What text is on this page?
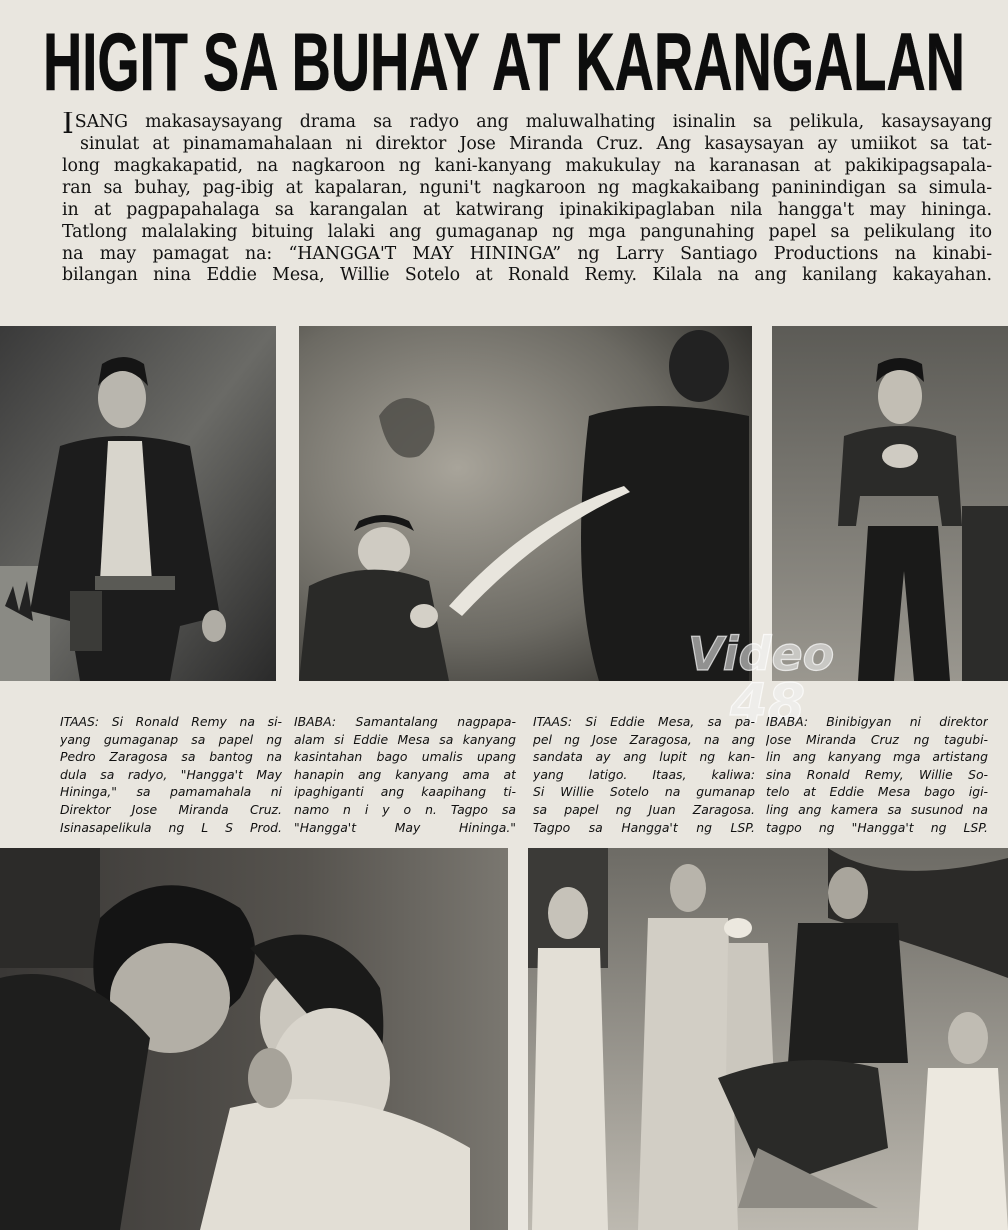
HIGIT SA BUHAY AT KARANGALAN
ISANG makasaysayang drama sa radyo ang maluwalhating isinalin sa pelikula, kasaysayang
sinulat at pinamamahalaan ni direktor Jose Miranda Cruz. Ang kasaysayan ay umiikot sa tat-
long magkakapatid, na nagkaroon ng kani-kanyang makukulay na karanasan at pakikipagsapala-
ran sa buhay, pag-ibig at kapalaran, nguni't nagkaroon ng magkakaibang paninindigan sa simula-
in at pagpapahalaga sa karangalan at katwirang ipinakikipaglaban nila hangga't may hininga.
Tatlong malalaking bituing lalaki ang gumaganap ng mga pangunahing papel sa pelikulang ito
na may pamagat na: “HANGGA'T MAY HININGA” ng Larry Santiago Productions na kinabi-
bilangan nina Eddie Mesa, Willie Sotelo at Ronald Remy. Kilala na ang kanilang kakayahan.
Video
48
ITAAS: Si Ronald Remy na si-
yang gumaganap sa papel ng
Pedro Zaragosa sa bantog na
dula sa radyo, "Hangga't May
Hininga," sa pamamahala ni
Direktor Jose Miranda Cruz.
Isinasapelikula ng L S Prod.
IBABA: Samantalang nagpapa-
alam si Eddie Mesa sa kanyang
kasintahan bago umalis upang
hanapin ang kanyang ama at
ipaghiganti ang kaapihang ti-
namo n i y o n. Tagpo sa
"Hangga't May Hininga."
ITAAS: Si Eddie Mesa, sa pa-
pel ng Jose Zaragosa, na ang
sandata ay ang lupit ng kan-
yang latigo. Itaas, kaliwa:
Si Willie Sotelo na gumanap
sa papel ng Juan Zaragosa.
Tagpo sa Hangga't ng LSP.
IBABA: Binibigyan ni direktor
Jose Miranda Cruz ng tagubi-
lin ang kanyang mga artistang
sina Ronald Remy, Willie So-
telo at Eddie Mesa bago igi-
ling ang kamera sa susunod na
tagpo ng "Hangga't ng LSP.
